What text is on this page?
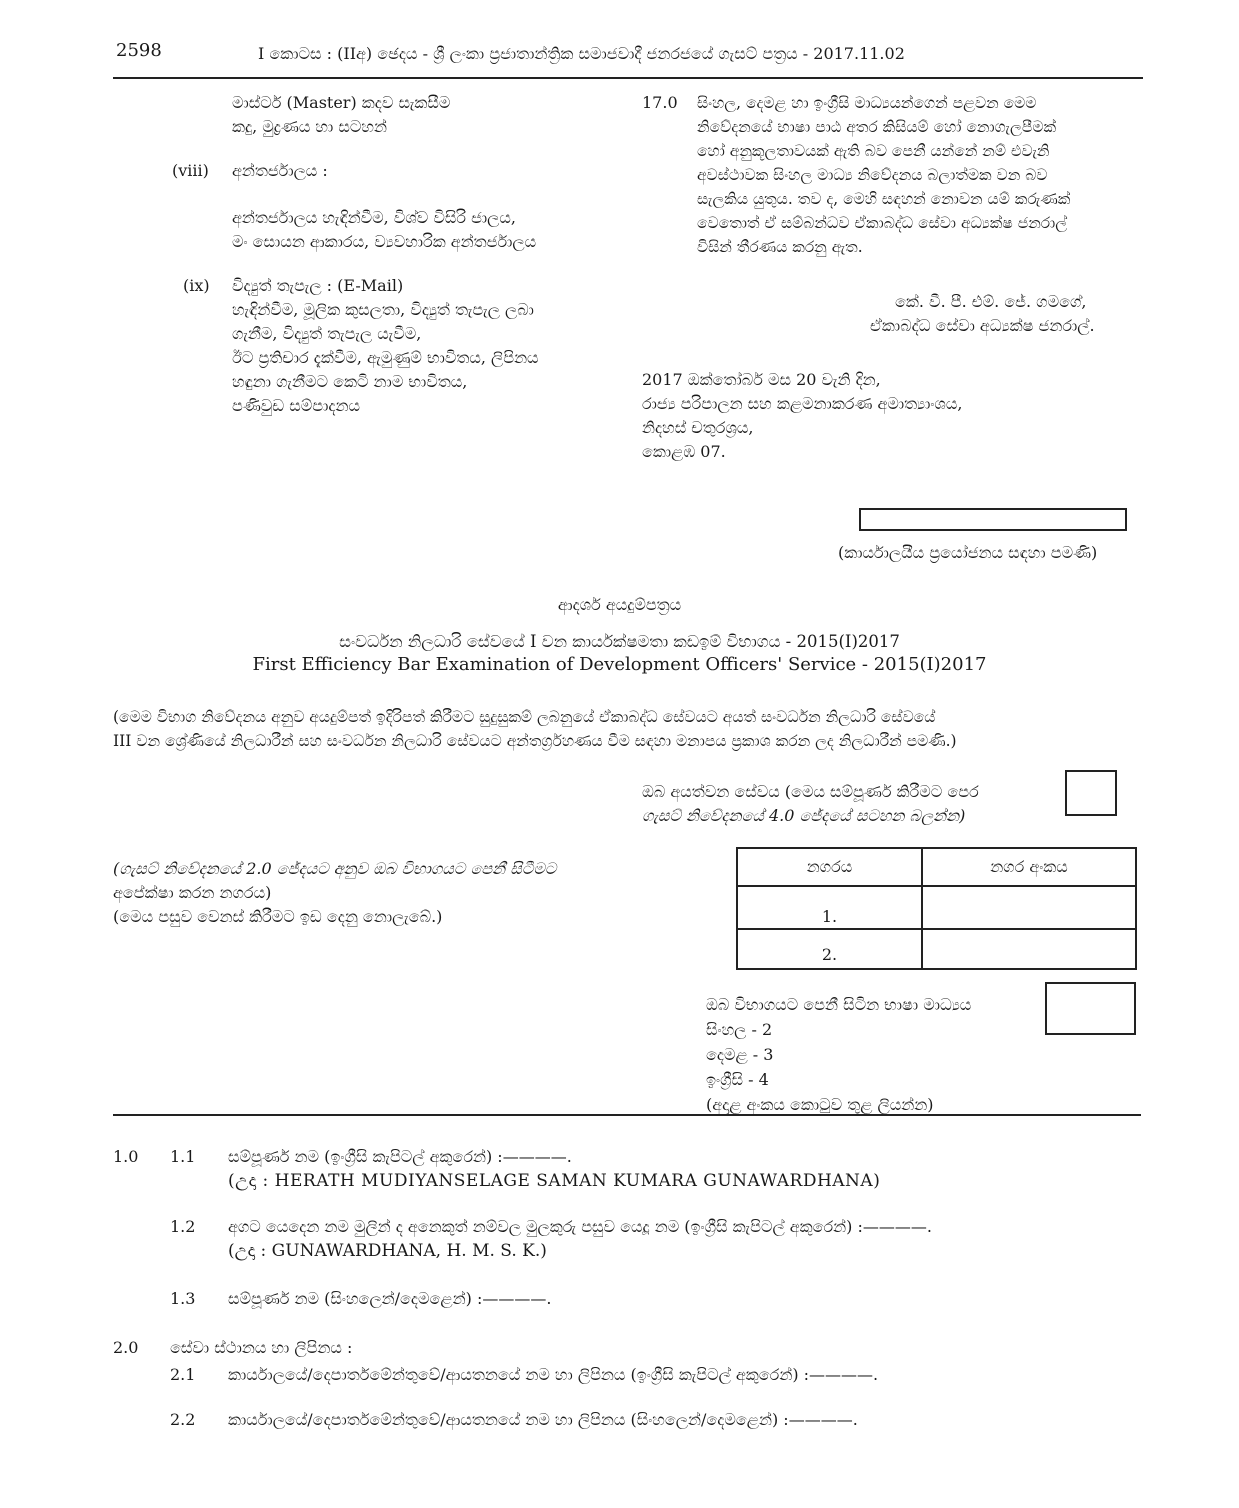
2598	I කොටස : (IIඅ) ඡෙදය - ශ්‍රී ලංකා ප්‍රජාතාන්ත්‍රික සමාජවාදී ජනරජයේ ගැසට් පත්‍රය - 2017.11.02
මාස්ටර් (Master) කදව සැකසීම
කදු, මුද්‍රණය හා සටහන්
(viii) අන්තර්ජාලය :
අන්තර්ජාලය හැඳින්වීම, විශ්ව විසිරි ජාලය,
මං සොයන ආකාරය, ව්‍යවහාරික අන්තර්ජාලය
(ix) විද්‍යුත් තැපැල : (E-Mail)
හැඳින්වීම, මූලික කුසලතා, විද්‍යුත් තැපැල ලබා
ගැනීම, විද්‍යුත් තැපැල යැවීම,
ඊට ප්‍රතිචාර දැක්වීම, ඇමුණුම් භාවිතය, ලිපිනය
හඳුනා ගැනීමට කෙටි නාම භාවිතය,
පණිවුඩ සම්පාදනය
17.0 සිංහල, දෙමළ හා ඉංග්‍රීසි මාධ්‍යයන්ගෙන් පළවන මෙම
නිවේදනයේ භාෂා පාඨ අතර කිසියම් හෝ නොගැලපීමක්
හෝ අනුකූලතාවයක් ඇති බව පෙනී යන්නේ නම් එවැනි
අවස්ථාවක සිංහල මාධ්‍ය නිවේදනය බලාත්මක වන බව
සැලකිය යුතුය. තව ද, මෙහි සඳහන් නොවන යම් කරුණක්
වෙතොත් ඒ සම්බන්ධව ඒකාබද්ධ සේවා අධ්‍යක්ෂ ජනරාල්
විසින් තීරණය කරනු ඇත.
කේ. වී. පී. එම්. ජේ. ගමගේ,
ඒකාබද්ධ සේවා අධ්‍යක්ෂ ජනරාල්.
2017 ඔක්තෝබර් මස 20 වැනි දින,
රාජ්‍ය පරිපාලන සහ කළමනාකරණ අමාත්‍යාංශය,
නිදහස් චතුරශ්‍රය,
කොළඹ 07.
(කාර්යාලයීය ප්‍රයෝජනය සඳහා පමණි)
ආදර්ශ අයදුම්පත්‍රය
සංවර්ධන නිලධාරි සේවයේ I වන කාර්යක්ෂමතා කඩඉම් විභාගය - 2015(I)2017
First Efficiency Bar Examination of Development Officers' Service - 2015(I)2017
(මෙම විභාග නිවේදනය අනුව අයදුම්පත් ඉදිරිපත් කිරීමට සුදුසුකම් ලබනුයේ ඒකාබද්ධ සේවයට අයත් සංවර්ධන නිලධාරි සේවයේ
III වන ශ්‍රේණියේ නිලධාරීන් සහ සංවර්ධන නිලධාරි සේවයට අන්තර්ග්‍රහණය වීම සඳහා මනාපය ප්‍රකාශ කරන ලද නිලධාරීන් පමණි.)
ඔබ අයත්වන සේවය (මෙය සම්පූර්ණ කිරීමට පෙර
ගැසට් නිවේදනයේ 4.0 ජේදයේ සටහන බලන්න)
(ගැසට් නිවේදනයේ 2.0 ජේදයට අනුව ඔබ විභාගයට පෙනී සිටීමට
අපේක්ෂා කරන නගරය)
(මෙය පසුව වෙනස් කිරීමට ඉඩ දෙනු නොලැබේ.)
නගරය	නගර අංකය
1.	
2.	
ඔබ විභාගයට පෙනී සිටින භාෂා මාධ්‍යය
සිංහල - 2
දෙමළ - 3
ඉංග්‍රීසි - 4
(අදාළ අංකය කොටුව තුළ ලියන්න)
1.0 1.1 සම්පූර්ණ නම (ඉංග්‍රීසි කැපිටල් අකුරෙන්) :————.
(උදා : HERATH MUDIYANSELAGE SAMAN KUMARA GUNAWARDHANA)
1.2 අගට යෙදෙන නම මුලින් ද අනෙකුත් නම්වල මුලකුරු පසුව යෙදූ නම (ඉංග්‍රීසි කැපිටල් අකුරෙන්) :————.
(උදා : GUNAWARDHANA, H. M. S. K.)
1.3 සම්පූර්ණ නම (සිංහලෙන්/දෙමළෙන්) :————.
2.0 සේවා ස්ථානය හා ලිපිනය :
2.1 කාර්යාලයේ/දෙපාර්තමේන්තුවේ/ආයතනයේ නම හා ලිපිනය (ඉංග්‍රීසි කැපිටල් අකුරෙන්) :————.
2.2 කාර්යාලයේ/දෙපාර්තමේන්තුවේ/ආයතනයේ නම හා ලිපිනය (සිංහලෙන්/දෙමළෙන්) :————.
